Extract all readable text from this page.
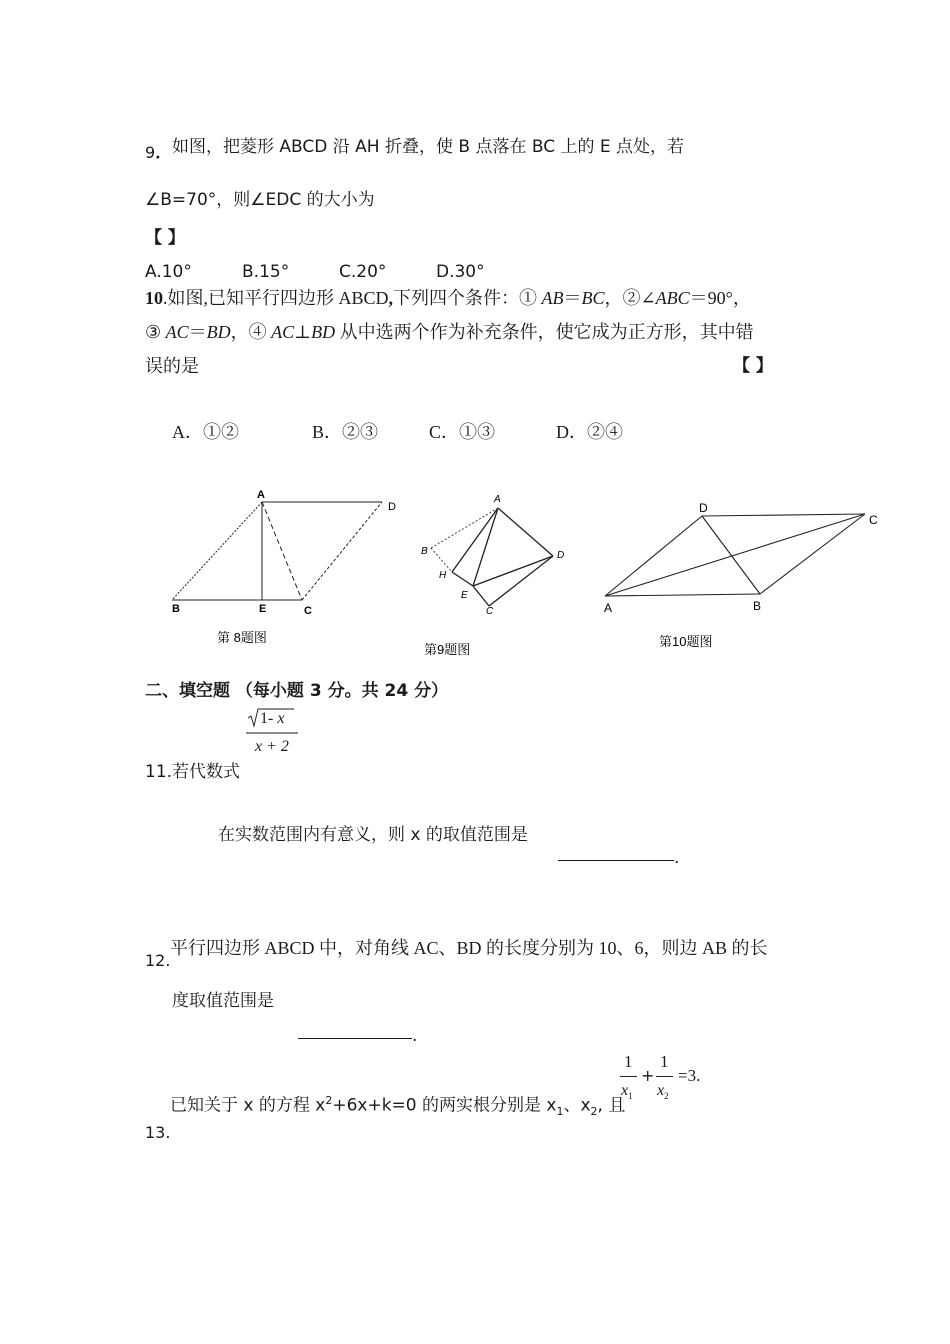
9． 如图，把菱形 ABCD 沿 AH 折叠，使 B 点落在 BC 上的 E 点处，若
∠B=70°，则∠EDC 的大小为
【 】
A.10°	B.15°	C.20°	D.30°
10.如图,已知平行四边形 ABCD,下列四个条件：① AB＝BC，②∠ABC＝90°，
③ AC＝BD，④ AC⊥BD 从中选两个作为补充条件，使它成为正方形，其中错
误的是	【 】
A．①②	B．②③	C．①③	D．②④
A
D
B	E	C
第 8题图
A
B
H
D
E
C
第9题图
D
C
A	B
第10题图
二、填空题 （每小题 3 分。共 24 分）
1- x
x + 2
11.若代数式
在实数范围内有意义，则 x 的取值范围是
.
12.
平行四边形 ABCD 中，对角线 AC、BD 的长度分别为 10、6，则边 AB 的长
度取值范围是
.
已知关于 x 的方程 $x^2+6x+k=0$ 的两实根分别是 $x_1$、$x_2$, 且
1
$x_1$
+
1
$x_2$
=3.
13.
